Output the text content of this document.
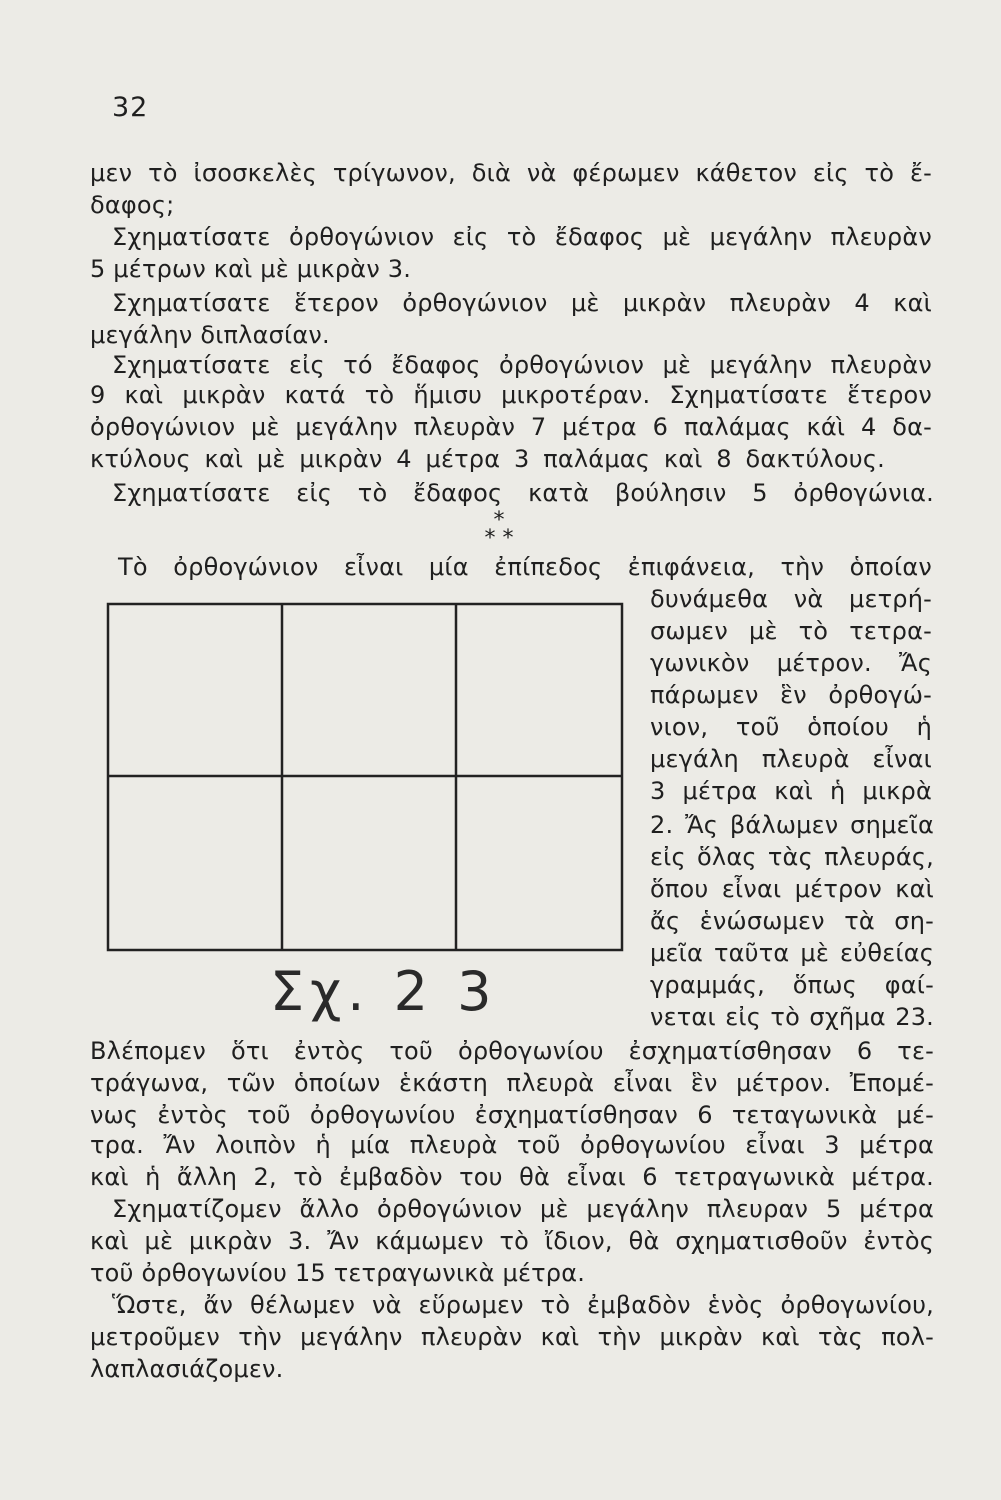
32
μεν τὸ ἰσοσκελὲς τρίγωνον, διὰ νὰ φέρωμεν κάθετον εἰς τὸ ἔ-
δαφος;
Σχηματίσατε ὀρθογώνιον εἰς τὸ ἔδαφος μὲ μεγάλην πλευρὰν
5 μέτρων καὶ μὲ μικρὰν 3.
Σχηματίσατε ἕτερον ὀρθογώνιον μὲ μικρὰν πλευρὰν 4 καὶ
μεγάλην διπλασίαν.
Σχηματίσατε εἰς τό ἔδαφος ὀρθογώνιον μὲ μεγάλην πλευρὰν
9 καὶ μικρὰν κατά τὸ ἥμισυ μικροτέραν. Σχηματίσατε ἕτερον
ὀρθογώνιον μὲ μεγάλην πλευρὰν 7 μέτρα 6 παλάμας κάὶ 4 δα-
κτύλους καὶ μὲ μικρὰν 4 μέτρα 3 παλάμας καὶ 8 δακτύλους.
Σχηματίσατε εἰς τὸ ἔδαφος κατὰ βούλησιν 5 ὀρθογώνια.
*
* *
Τὸ ὀρθογώνιον εἶναι μία ἐπίπεδος ἐπιφάνεια, τὴν ὁποίαν
Σχ. 2 3
δυνάμεθα νὰ μετρή-
σωμεν μὲ τὸ τετρα-
γωνικὸν μέτρον. Ἄς
πάρωμεν ἓν ὀρθογώ-
νιον, τοῦ ὁποίου ἡ
μεγάλη πλευρὰ εἶναι
3 μέτρα καὶ ἡ μικρὰ
2. Ἄς βάλωμεν σημεῖα
εἰς ὅλας τὰς πλευράς,
ὅπου εἶναι μέτρον καὶ
ἄς ἑνώσωμεν τὰ ση-
μεῖα ταῦτα μὲ εὐθείας
γραμμάς, ὅπως φαί-
νεται εἰς τὸ σχῆμα 23.
Βλέπομεν ὅτι ἐντὸς τοῦ ὀρθογωνίου ἐσχηματίσθησαν 6 τε-
τράγωνα, τῶν ὁποίων ἑκάστη πλευρὰ εἶναι ἓν μέτρον. Ἐπομέ-
νως ἐντὸς τοῦ ὀρθογωνίου ἐσχηματίσθησαν 6 τεταγωνικὰ μέ-
τρα. Ἄν λοιπὸν ἡ μία πλευρὰ τοῦ ὀρθογωνίου εἶναι 3 μέτρα
καὶ ἡ ἄλλη 2, τὸ ἐμβαδὸν του θὰ εἶναι 6 τετραγωνικὰ μέτρα.
Σχηματίζομεν ἄλλο ὀρθογώνιον μὲ μεγάλην πλευραν 5 μέτρα
καὶ μὲ μικρὰν 3. Ἄν κάμωμεν τὸ ἴδιον, θὰ σχηματισθοῦν ἐντὸς
τοῦ ὀρθογωνίου 15 τετραγωνικὰ μέτρα.
Ὥστε, ἄν θέλωμεν νὰ εὕρωμεν τὸ ἐμβαδὸν ἑνὸς ὀρθογωνίου,
μετροῦμεν τὴν μεγάλην πλευρὰν καὶ τὴν μικρὰν καὶ τὰς πολ-
λαπλασιάζομεν.
